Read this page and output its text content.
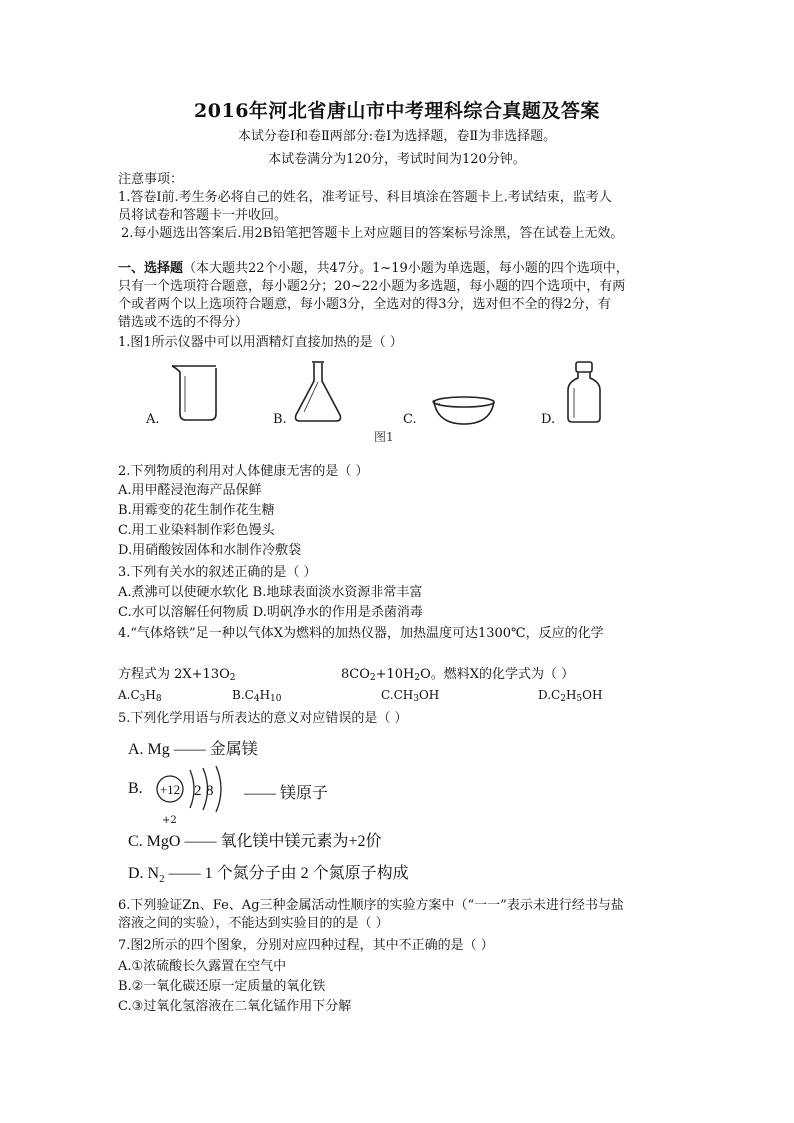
2016年河北省唐山市中考理科综合真题及答案
本试分卷Ⅰ和卷Ⅱ两部分:卷Ⅰ为选择题，卷Ⅱ为非选择题。
本试卷满分为120分，考试时间为120分钟。
注意事项：
1.答卷Ⅰ前.考生务必将自己的姓名，准考证号、科目填涂在答题卡上.考试结束，监考人
员将试卷和答题卡一并收回。
2.每小题选出答案后.用2B铅笔把答题卡上对应题目的答案标号涂黑，答在试卷上无效。
一、选择题（本大题共22个小题，共47分。1~19小题为单选题，每小题的四个选项中，
只有一个选项符合题意，每小题2分；20~22小题为多选题，每小题的四个选项中，有两
个或者两个以上选项符合题意，每小题3分，全选对的得3分，选对但不全的得2分，有
错选或不选的不得分）
1.图1所示仪器中可以用酒精灯直接加热的是（ ）
A.	B.	C.	D.
图1
2.下列物质的利用对人体健康无害的是（ ）
A.用甲醛浸泡海产品保鲜
B.用霉变的花生制作花生糖
C.用工业染料制作彩色馒头
D.用硝酸铵固体和水制作冷敷袋
3.下列有关水的叙述正确的是（ ）
A.煮沸可以使硬水软化 B.地球表面淡水资源非常丰富
C.水可以溶解任何物质 D.明矾净水的作用是杀菌消毒
4.“气体烙铁”足一种以气体X为燃料的加热仪器，加热温度可达1300℃，反应的化学
方程式为 $2X+13O_2$	$8CO_2+10H_2O$。燃料X的化学式为（ ）
$A.C_3H_8$	$B.C_4H_{10}$	$C.CH_3OH$	$D.C_2H_5OH$
5.下列化学用语与所表达的意义对应错误的是（ ）
A. Mg —— 金属镁
B. +12 2 8 —— 镁原子
+2
C. MgO —— 氧化镁中镁元素为+2价
D. $N_2$ —— 1 个氮分子由 2 个氮原子构成
6.下列验证Zn、Fe、Ag三种金属活动性顺序的实验方案中（“一一”表示未进行经书与盐
溶液之间的实验），不能达到实验目的的是（ ）
7.图2所示的四个图象，分别对应四种过程，其中不正确的是（ ）
A.①浓硫酸长久露置在空气中
B.②一氧化碳还原一定质量的氧化铁
C.③过氧化氢溶液在二氧化锰作用下分解
